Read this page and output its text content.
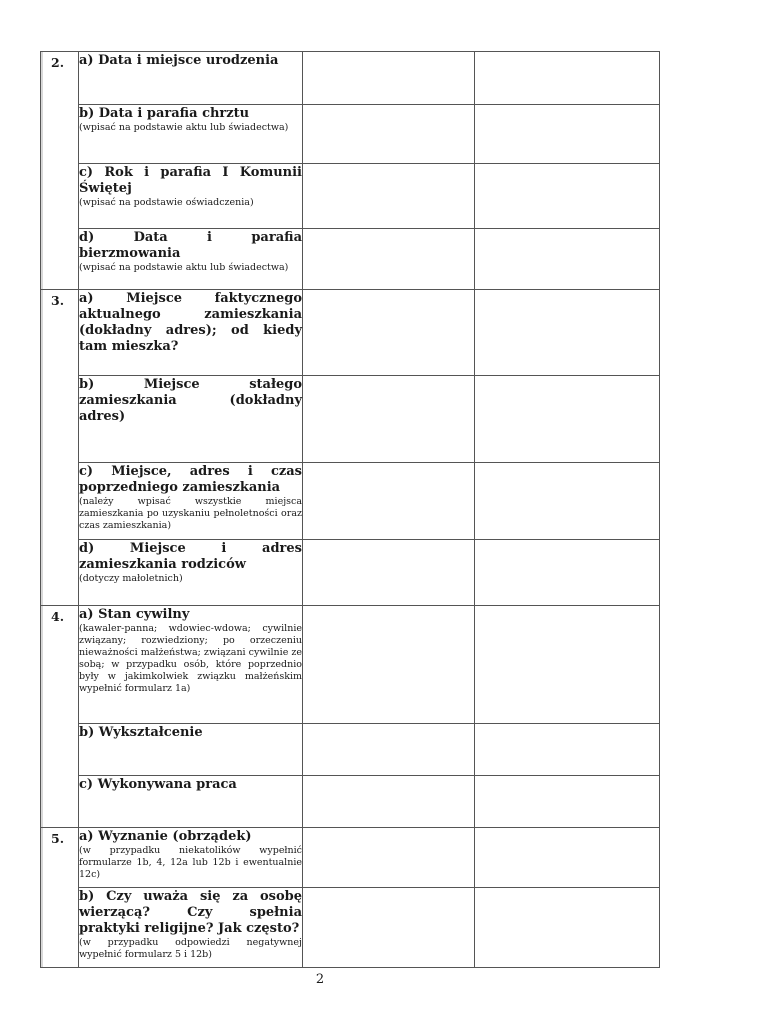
2.	a) Data i miejsce urodzenia		

	b) Data i parafia chrztu
(wpisać na podstawie aktu lub świadectwa)		

	c) Rok i parafia I Komunii Świętej
(wpisać na podstawie oświadczenia)		

	d) Data i parafia bierzmowania
(wpisać na podstawie aktu lub świadectwa)		

3.	a) Miejsce faktycznego aktualnego zamieszkania (dokładny adres); od kiedy tam mieszka?		

	b) Miejsce stałego zamieszkania (dokładny adres)		

	c) Miejsce, adres i czas poprzedniego zamieszkania
(należy wpisać wszystkie miejsca zamieszkania po uzyskaniu pełnoletności oraz czas zamieszkania)		

	d) Miejsce i adres zamieszkania rodziców
(dotyczy małoletnich)		

4.	a) Stan cywilny
(kawaler-panna; wdowiec-wdowa; cywilnie związany; rozwiedziony; po orzeczeniu nieważności małżeństwa; związani cywilnie ze sobą; w przypadku osób, które poprzednio były w jakimkolwiek związku małżeńskim wypełnić formularz 1a)		

	b) Wykształcenie		

	c) Wykonywana praca		

5.	a) Wyznanie (obrządek)
(w przypadku niekatolików wypełnić formularze 1b, 4, 12a lub 12b i ewentualnie 12c)		

	b) Czy uważa się za osobę wierzącą? Czy spełnia praktyki religijne? Jak często?
(w przypadku odpowiedzi negatywnej wypełnić formularz 5 i 12b)		

2
